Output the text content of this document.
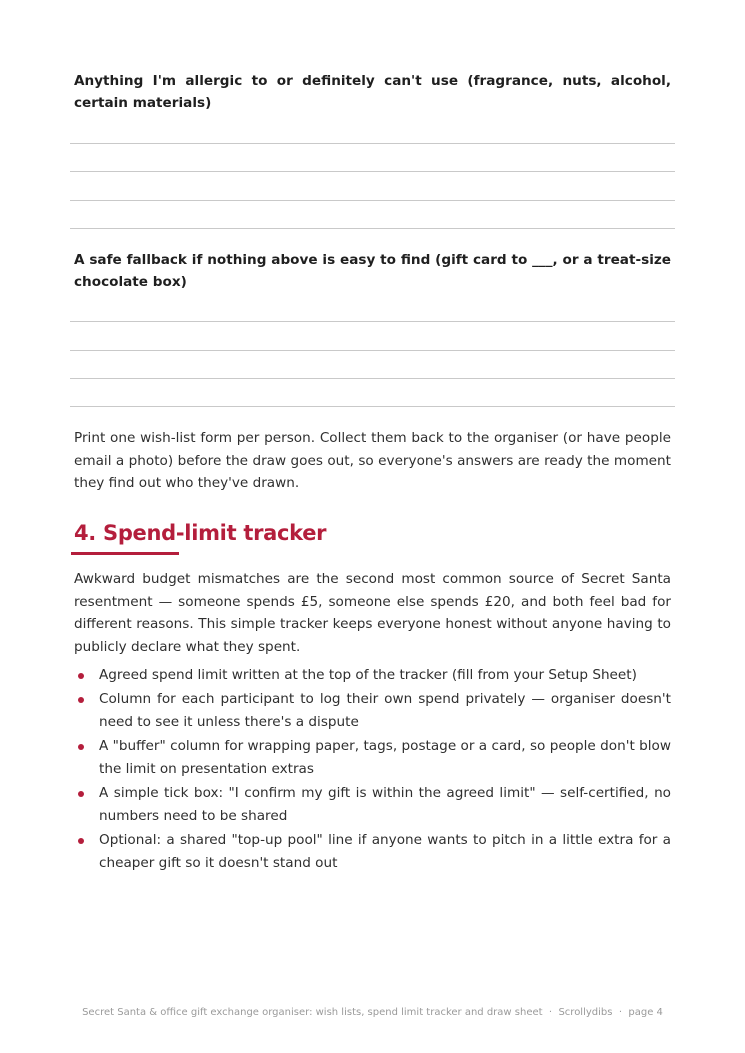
Anything I'm allergic to or definitely can't use (fragrance, nuts, alcohol, certain materials)
A safe fallback if nothing above is easy to find (gift card to ___, or a treat-size chocolate box)
Print one wish-list form per person. Collect them back to the organiser (or have people email a photo) before the draw goes out, so everyone's answers are ready the moment they find out who they've drawn.
4. Spend-limit tracker
Awkward budget mismatches are the second most common source of Secret Santa resentment — someone spends £5, someone else spends £20, and both feel bad for different reasons. This simple tracker keeps everyone honest without anyone having to publicly declare what they spent.
Agreed spend limit written at the top of the tracker (fill from your Setup Sheet)
Column for each participant to log their own spend privately — organiser doesn't need to see it unless there's a dispute
A "buffer" column for wrapping paper, tags, postage or a card, so people don't blow the limit on presentation extras
A simple tick box: "I confirm my gift is within the agreed limit" — self-certified, no numbers need to be shared
Optional: a shared "top-up pool" line if anyone wants to pitch in a little extra for a cheaper gift so it doesn't stand out
Secret Santa & office gift exchange organiser: wish lists, spend limit tracker and draw sheet · Scrollydibs · page 4
